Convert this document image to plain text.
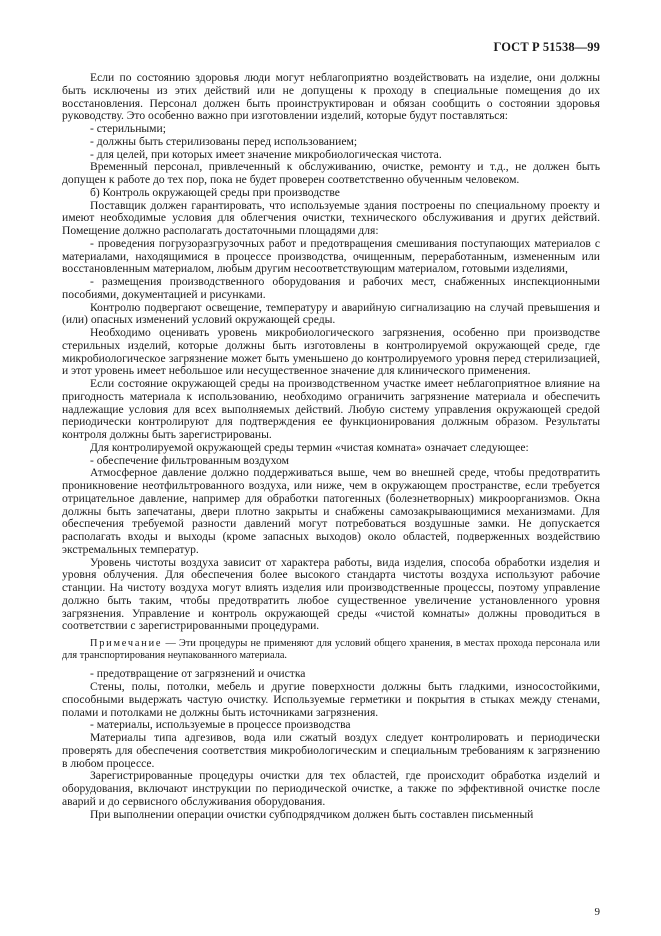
ГОСТ Р 51538—99

Если по состоянию здоровья люди могут неблагоприятно воздействовать на изделие, они должны быть исключены из этих действий или не допущены к проходу в специальные помещения до их восстановления. Персонал должен быть проинструктирован и обязан сообщить о состоянии здоровья руководству. Это особенно важно при изготовлении изделий, которые будут поставляться:

- стерильными;

- должны быть стерилизованы перед использованием;

- для целей, при которых имеет значение микробиологическая чистота.

Временный персонал, привлеченный к обслуживанию, очистке, ремонту и т.д., не должен быть допущен к работе до тех пор, пока не будет проверен соответственно обученным человеком.

б) Контроль окружающей среды при производстве

Поставщик должен гарантировать, что используемые здания построены по специальному проекту и имеют необходимые условия для облегчения очистки, технического обслуживания и других действий. Помещение должно располагать достаточными площадями для:

- проведения погрузоразгрузочных работ и предотвращения смешивания поступающих материалов с материалами, находящимися в процессе производства, очищенным, переработанным, измененным или восстановленным материалом, любым другим несоответствующим материалом, готовыми изделиями,

- размещения производственного оборудования и рабочих мест, снабженных инспекционными пособиями, документацией и рисунками.

Контролю подвергают освещение, температуру и аварийную сигнализацию на случай превышения и (или) опасных изменений условий окружающей среды.

Необходимо оценивать уровень микробиологического загрязнения, особенно при производстве стерильных изделий, которые должны быть изготовлены в контролируемой окружающей среде, где микробиологическое загрязнение может быть уменьшено до контролируемого уровня перед стерилизацией, и этот уровень имеет небольшое или несущественное значение для клинического применения.

Если состояние окружающей среды на производственном участке имеет неблагоприятное влияние на пригодность материала к использованию, необходимо ограничить загрязнение материала и обеспечить надлежащие условия для всех выполняемых действий. Любую систему управления окружающей средой периодически контролируют для подтверждения ее функционирования должным образом. Результаты контроля должны быть зарегистрированы.

Для контролируемой окружающей среды термин «чистая комната» означает следующее:

- обеспечение фильтрованным воздухом

Атмосферное давление должно поддерживаться выше, чем во внешней среде, чтобы предотвратить проникновение неотфильтрованного воздуха, или ниже, чем в окружающем пространстве, если требуется отрицательное давление, например для обработки патогенных (болезнетворных) микроорганизмов. Окна должны быть запечатаны, двери плотно закрыты и снабжены самозакрывающимися механизмами. Для обеспечения требуемой разности давлений могут потребоваться воздушные замки. Не допускается располагать входы и выходы (кроме запасных выходов) около областей, подверженных воздействию экстремальных температур.

Уровень чистоты воздуха зависит от характера работы, вида изделия, способа обработки изделия и уровня облучения. Для обеспечения более высокого стандарта чистоты воздуха используют рабочие станции. На чистоту воздуха могут влиять изделия или производственные процессы, поэтому управление должно быть таким, чтобы предотвратить любое существенное увеличение установленного уровня загрязнения. Управление и контроль окружающей среды «чистой комнаты» должны проводиться в соответствии с зарегистрированными процедурами.

Примечание — Эти процедуры не применяют для условий общего хранения, в местах прохода персонала или для транспортирования неупакованного материала.

- предотвращение от загрязнений и очистка

Стены, полы, потолки, мебель и другие поверхности должны быть гладкими, износостойкими, способными выдержать частую очистку. Используемые герметики и покрытия в стыках между стенами, полами и потолками не должны быть источниками загрязнения.

- материалы, используемые в процессе производства

Материалы типа адгезивов, вода или сжатый воздух следует контролировать и периодически проверять для обеспечения соответствия микробиологическим и специальным требованиям к загрязнению в любом процессе.

Зарегистрированные процедуры очистки для тех областей, где происходит обработка изделий и оборудования, включают инструкции по периодической очистке, а также по эффективной очистке после аварий и до сервисного обслуживания оборудования.

При выполнении операции очистки субподрядчиком должен быть составлен письменный

9
